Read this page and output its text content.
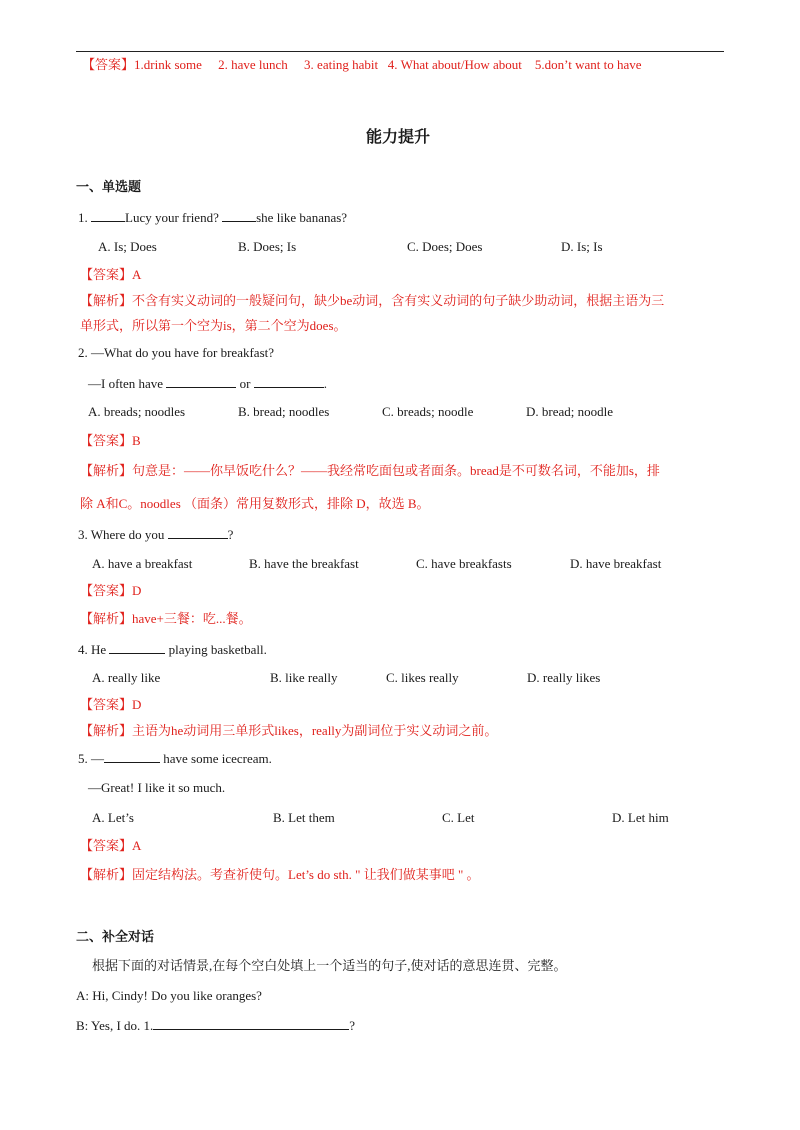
【答案】1.drink some     2. have lunch     3. eating habit   4. What about/How about    5.don’t want to have
能力提升
一、单选题
1.	Lucy your friend?	she like bananas?
A. Is; Does	B. Does; Is	C. Does; Does	D. Is; Is
【答案】A
【解析】不含有实义动词的一般疑问句，缺少be动词，含有实义动词的句子缺少助动词，根据主语为三
单形式，所以第一个空为is，第二个空为does。
2. —What do you have for breakfast?
—I often have	or	.
A. breads; noodles	B. bread; noodles	C. breads; noodle	D. bread; noodle
【答案】B
【解析】句意是：——你早饭吃什么？——我经常吃面包或者面条。bread是不可数名词，不能加s，排
除 A和C。noodles （面条）常用复数形式，排除 D，故选 B。
3. Where do you	?
A. have a breakfast	B. have the breakfast	C. have breakfasts	D. have breakfast
【答案】D
【解析】have+三餐：吃...餐。
4. He	playing basketball.
A. really like	B. like really	C. likes really	D. really likes
【答案】D
【解析】主语为he动词用三单形式likes，really为副词位于实义动词之前。
5. —	have some icecream.
—Great! I like it so much.
A. Let’s	B. Let them	C. Let	D. Let him
【答案】A
【解析】固定结构法。考查祈使句。Let’s do sth. " 让我们做某事吧 " 。
二、补全对话
根据下面的对话情景,在每个空白处填上一个适当的句子,使对话的意思连贯、完整。
A: Hi, Cindy! Do you like oranges?
B: Yes, I do. 1.	?
